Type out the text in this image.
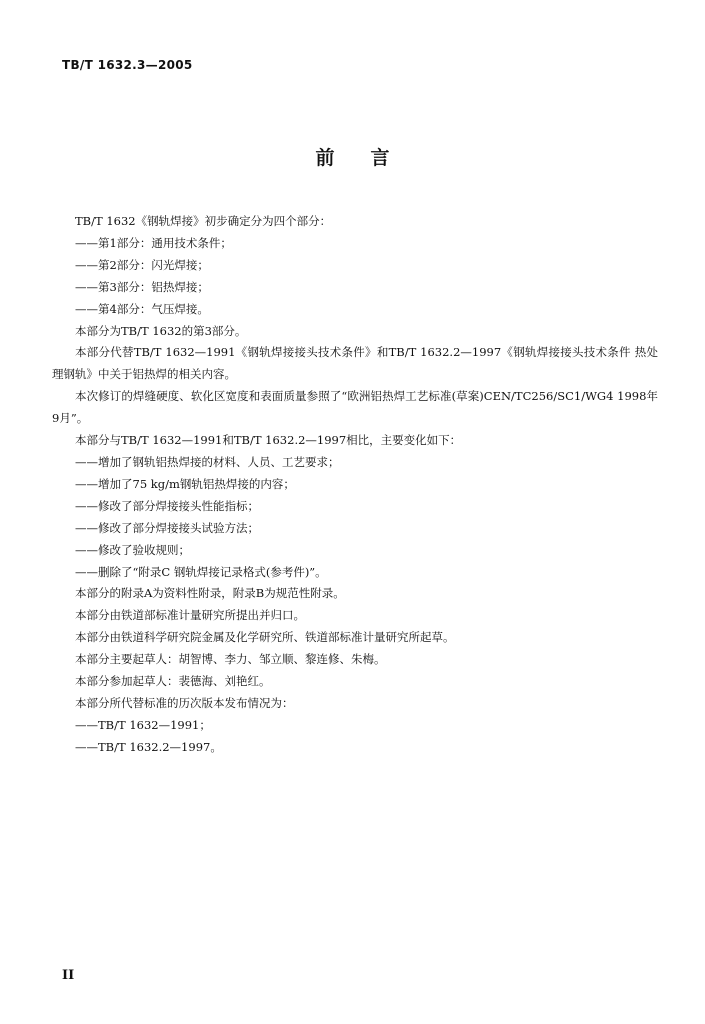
TB/T 1632.3—2005
前言

TB/T 1632《钢轨焊接》初步确定分为四个部分：

——第1部分：通用技术条件；

——第2部分：闪光焊接；

——第3部分：铝热焊接；

——第4部分：气压焊接。

本部分为TB/T 1632的第3部分。

本部分代替TB/T 1632—1991《钢轨焊接接头技术条件》和TB/T 1632.2—1997《钢轨焊接接头技术条件 热处理钢轨》中关于铝热焊的相关内容。

本次修订的焊缝硬度、软化区宽度和表面质量参照了“欧洲铝热焊工艺标准(草案)CEN/TC256/SC1/WG4 1998年9月”。

本部分与TB/T 1632—1991和TB/T 1632.2—1997相比，主要变化如下：

——增加了钢轨铝热焊接的材料、人员、工艺要求；

——增加了75 kg/m钢轨铝热焊接的内容；

——修改了部分焊接接头性能指标；

——修改了部分焊接接头试验方法；

——修改了验收规则；

——删除了“附录C 钢轨焊接记录格式(参考件)”。

本部分的附录A为资料性附录，附录B为规范性附录。

本部分由铁道部标准计量研究所提出并归口。

本部分由铁道科学研究院金属及化学研究所、铁道部标准计量研究所起草。

本部分主要起草人：胡智博、李力、邹立顺、黎连修、朱梅。

本部分参加起草人：裴德海、刘艳红。

本部分所代替标准的历次版本发布情况为：

——TB/T 1632—1991；

——TB/T 1632.2—1997。

II
